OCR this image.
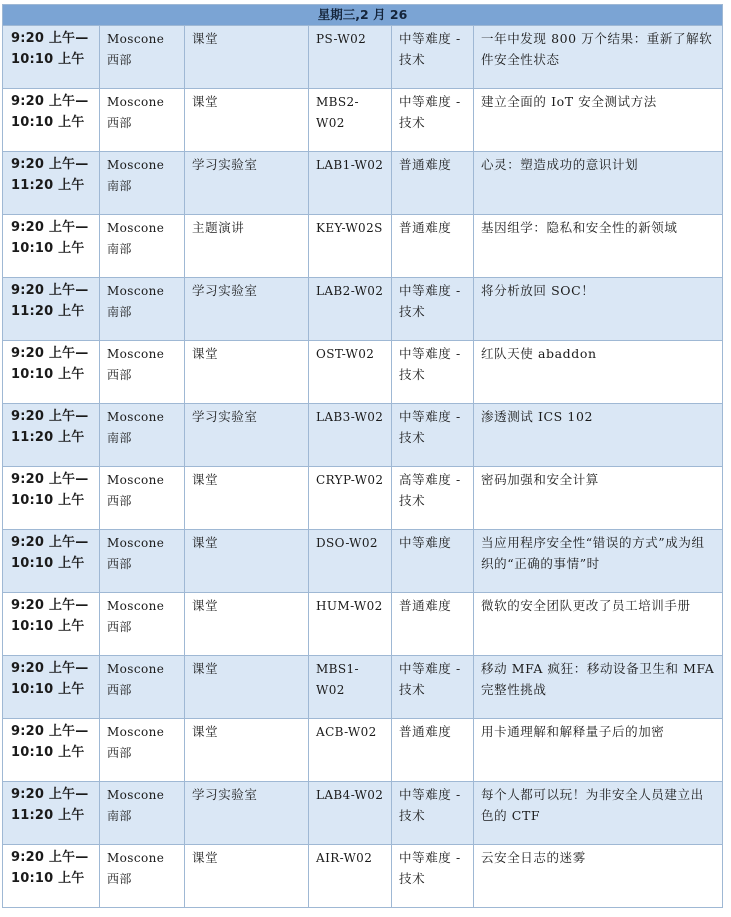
星期三,2 月 26					
9:20 上午—10:10 上午	Moscone 西部	课堂	PS-W02	中等难度 - 技术	一年中发现 800 万个结果：重新了解软件安全性状态
9:20 上午—10:10 上午	Moscone 西部	课堂	MBS2-W02	中等难度 - 技术	建立全面的 IoT 安全测试方法
9:20 上午—11:20 上午	Moscone 南部	学习实验室	LAB1-W02	普通难度	心灵：塑造成功的意识计划
9:20 上午—10:10 上午	Moscone 南部	主题演讲	KEY-W02S	普通难度	基因组学：隐私和安全性的新领域
9:20 上午—11:20 上午	Moscone 南部	学习实验室	LAB2-W02	中等难度 - 技术	将分析放回 SOC！
9:20 上午—10:10 上午	Moscone 西部	课堂	OST-W02	中等难度 - 技术	红队天使 abaddon
9:20 上午—11:20 上午	Moscone 南部	学习实验室	LAB3-W02	中等难度 - 技术	渗透测试 ICS 102
9:20 上午—10:10 上午	Moscone 西部	课堂	CRYP-W02	高等难度 - 技术	密码加强和安全计算
9:20 上午—10:10 上午	Moscone 西部	课堂	DSO-W02	中等难度	当应用程序安全性“错误的方式”成为组织的“正确的事情”时
9:20 上午—10:10 上午	Moscone 西部	课堂	HUM-W02	普通难度	微软的安全团队更改了员工培训手册
9:20 上午—10:10 上午	Moscone 西部	课堂	MBS1-W02	中等难度 - 技术	移动 MFA 疯狂：移动设备卫生和 MFA 完整性挑战
9:20 上午—10:10 上午	Moscone 西部	课堂	ACB-W02	普通难度	用卡通理解和解释量子后的加密
9:20 上午—11:20 上午	Moscone 南部	学习实验室	LAB4-W02	中等难度 - 技术	每个人都可以玩！为非安全人员建立出色的 CTF
9:20 上午—10:10 上午	Moscone 西部	课堂	AIR-W02	中等难度 - 技术	云安全日志的迷雾
